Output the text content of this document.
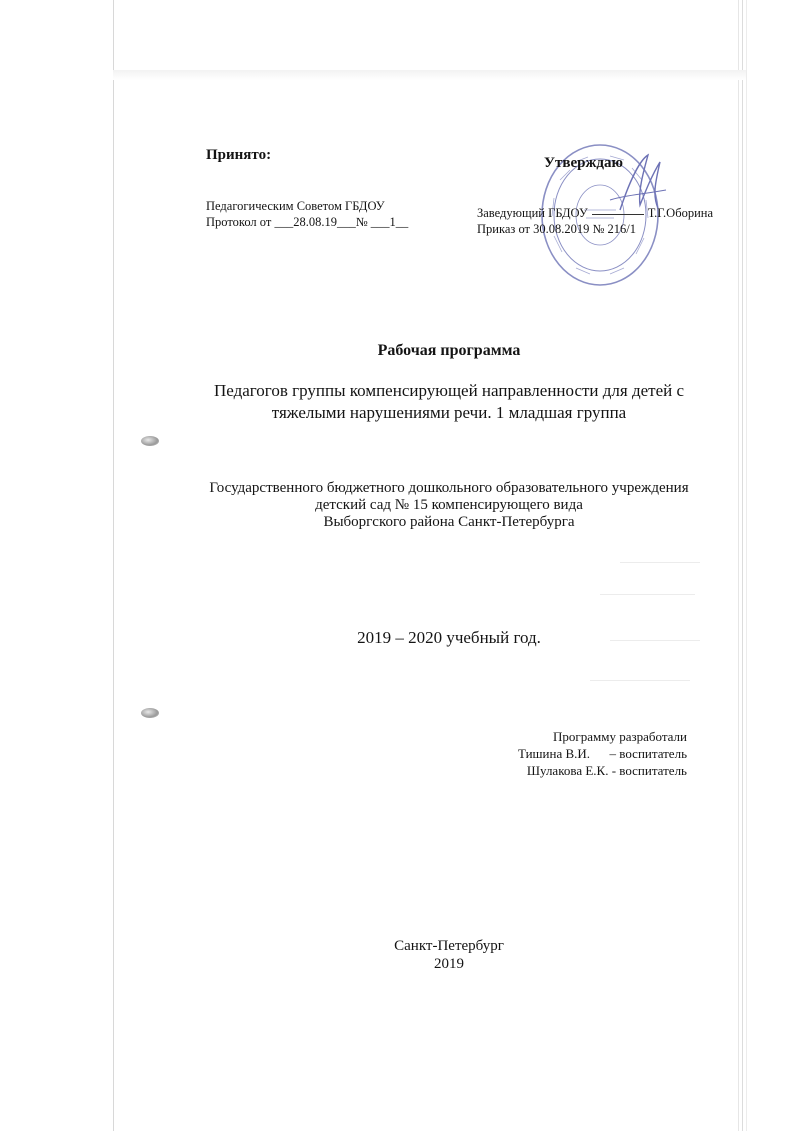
Принято:
Педагогическим Советом ГБДОУ
Протокол от ___28.08.19___№ ___1__
Утверждаю
Заведующий ГБДОУ	Т.Г.Оборина
Приказ от 30.08.2019 № 216/1
Рабочая программа
Педагогов группы компенсирующей направленности для детей с
тяжелыми нарушениями речи. 1 младшая группа
Государственного бюджетного дошкольного образовательного учреждения
детский сад № 15 компенсирующего вида
Выборгского района Санкт-Петербурга
2019 – 2020 учебный год.
Программу разработали
Тишина В.И.      – воспитатель
Шулакова Е.К. - воспитатель
Санкт-Петербург
2019
